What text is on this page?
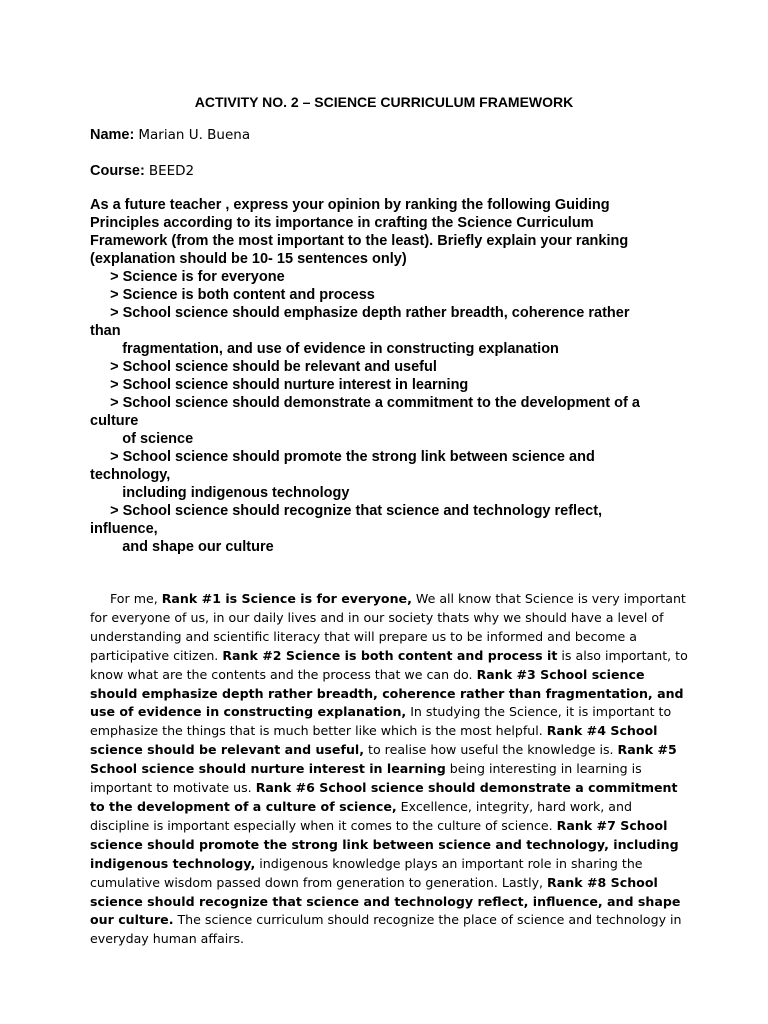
ACTIVITY NO. 2 – SCIENCE CURRICULUM FRAMEWORK
Name: Marian U. Buena
Course: BEED2
As a future teacher , express your opinion by ranking the following Guiding
Principles according to its importance in crafting the Science Curriculum
Framework (from the most important to the least). Briefly explain your ranking
(explanation should be 10- 15 sentences only)
> Science is for everyone
> Science is both content and process
> School science should emphasize depth rather breadth, coherence rather
than
fragmentation, and use of evidence in constructing explanation
> School science should be relevant and useful
> School science should nurture interest in learning
> School science should demonstrate a commitment to the development of a
culture
of science
> School science should promote the strong link between science and
technology,
including indigenous technology
> School science should recognize that science and technology reflect,
influence,
and shape our culture
For me, Rank #1 is Science is for everyone, We all know that Science is very important for everyone of us, in our daily lives and in our society thats why we should have a level of understanding and scientific literacy that will prepare us to be informed and become a participative citizen. Rank #2 Science is both content and process it is also important, to know what are the contents and the process that we can do. Rank #3 School science should emphasize depth rather breadth, coherence rather than fragmentation, and use of evidence in constructing explanation, In studying the Science, it is important to emphasize the things that is much better like which is the most helpful. Rank #4 School science should be relevant and useful, to realise how useful the knowledge is. Rank #5 School science should nurture interest in learning being interesting in learning is important to motivate us. Rank #6 School science should demonstrate a commitment to the development of a culture of science, Excellence, integrity, hard work, and discipline is important especially when it comes to the culture of science. Rank #7 School science should promote the strong link between science and technology, including indigenous technology, indigenous knowledge plays an important role in sharing the cumulative wisdom passed down from generation to generation. Lastly, Rank #8 School science should recognize that science and technology reflect, influence, and shape our culture. The science curriculum should recognize the place of science and technology in everyday human affairs.
